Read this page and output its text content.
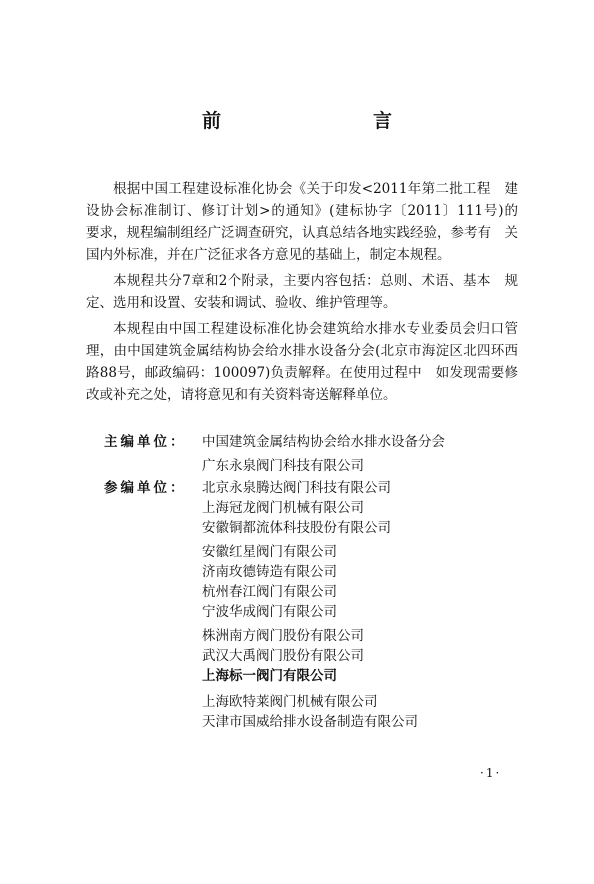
前　　言

根据中国工程建设标准化协会《关于印发<2011年第二批工程　建设协会标准制订、修订计划>的通知》(建标协字〔2011〕111号)的　要求，规程编制组经广泛调查研究，认真总结各地实践经验，参考有　关国内外标准，并在广泛征求各方意见的基础上，制定本规程。

本规程共分7章和2个附录，主要内容包括：总则、术语、基本　规定、选用和设置、安装和调试、验收、维护管理等。

本规程由中国工程建设标准化协会建筑给水排水专业委员会归口管理，由中国建筑金属结构协会给水排水设备分会(北京市海淀区北四环西路88号，邮政编码：100097)负责解释。在使用过程中　如发现需要修改或补充之处，请将意见和有关资料寄送解释单位。

主编单位：	中国建筑金属结构协会给水排水设备分会
广东永泉阀门科技有限公司
参编单位：	北京永泉腾达阀门科技有限公司
上海冠龙阀门机械有限公司
安徽铜都流体科技股份有限公司
安徽红星阀门有限公司
济南玫德铸造有限公司
杭州春江阀门有限公司
宁波华成阀门有限公司
株洲南方阀门股份有限公司
武汉大禹阀门股份有限公司
上海标一阀门有限公司
上海欧特莱阀门机械有限公司
天津市国威给排水设备制造有限公司
·1·
